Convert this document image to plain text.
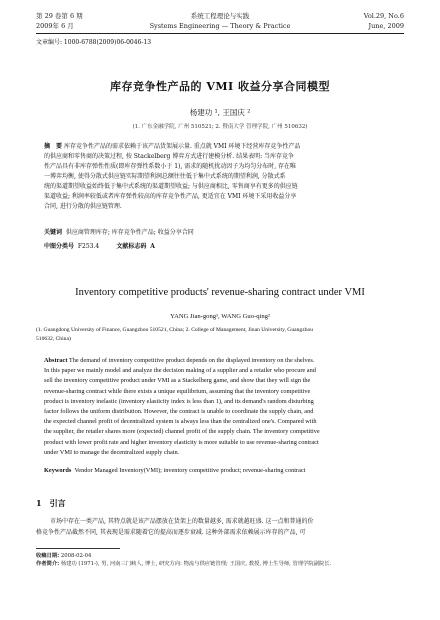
第 29 卷第 6 期	系统工程理论与实践	Vol.29, No.6
2009年 6 月	Systems Engineering — Theory & Practice	June, 2009
文章编号: 1000-6788(2009)06-0046-13
库存竞争性产品的 VMI 收益分享合同模型
杨建功 ¹, 王国庆 ²
(1. 广东金融学院, 广州 510521; 2. 暨南大学 管理学院, 广州 510632)
摘　要 库存竞争性产品的需求依赖于该产品货架展示量. 重点就 VMI 环境下经营库存竞争性产品
的供应商和零售商的决策过程, 按 Stackelberg 博弈方式进行建模分析. 结果表明: 当库存竞争
性产品具有非库存弹性性质(即库存弹性系数小于 1), 需求的随机扰动因子为均匀分布时, 存在唯
一博弈均衡, 使得分散式供应链实际期望利润总额往往低于集中式系统的期望利润, 分散式系
统的渠道期望收益始终低于集中式系统的渠道期望收益; 与供应商相比, 零售商享有更多的供应链
渠道收益; 利润率较低或者库存弹性较高的库存竞争性产品, 更适宜在 VMI 环境下采用收益分享
合同, 进行分散的供应链管理.
关键词 供应商管理库存; 库存竞争性产品; 收益分享合同
中图分类号 F253.4	文献标志码 A
Inventory competitive products' revenue-sharing contract under VMI
YANG Jian-gong¹, WANG Guo-qing²
(1. Guangdong University of Finance, Guangzhou 510521, China; 2. College of Management, Jinan University, Guangzhou
510632, China)
Abstract The demand of inventory competitive product depends on the displayed inventory on the shelves.
In this paper we mainly model and analyze the decision making of a supplier and a retailer who procure and
sell the inventory competitive product under VMI as a Stackelberg game, and show that they will sign the
revenue-sharing contract while there exists a unique equilibrium, assuming that the inventory competitive
product is inventory inelastic (inventory elasticity index is less than 1), and its demand's random disturbing
factor follows the uniform distribution. However, the contract is unable to coordinate the supply chain, and
the expected channel profit of decentralized system is always less than the centralized one's. Compared with
the supplier, the retailer shares more (expected) channel profit of the supply chain. The inventory competitive
product with lower profit rate and higher inventory elasticity is more suitable to use revenue-sharing contract
under VMI to manage the decentralized supply chain.
Keywords Vendor Managed Inventory(VMI); inventory competitive product; revenue-sharing contract
1　引言
市场中存在一类产品, 其特点就是该产品摆放在货架上的数量越多, 需求就越旺盛. 这一点和普通的价
格竞争性产品截然不同, 其表现是需求随着它的提高而逐步衰减. 这种外部需求依赖展示库存的产品, 可
收稿日期: 2008-02-04
作者简介: 杨建功 (1971-), 男, 河南三门峡人, 博士, 研究方向: 物流与供应链管理; 王国庆, 教授, 博士生导师, 管理学院副院长.
